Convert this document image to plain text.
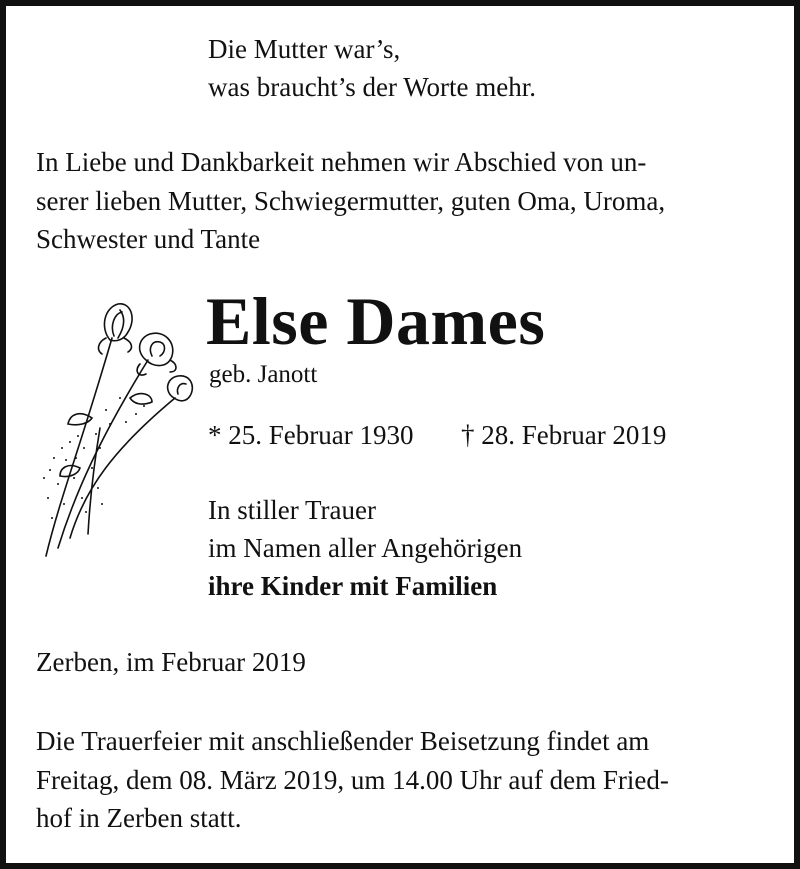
Die Mutter war’s,
was braucht’s der Worte mehr.
In Liebe und Dankbarkeit nehmen wir Abschied von un-
serer lieben Mutter, Schwiegermutter, guten Oma, Uroma,
Schwester und Tante
Else Dames
geb. Janott
* 25. Februar 1930 † 28. Februar 2019
In stiller Trauer
im Namen aller Angehörigen
ihre Kinder mit Familien
Zerben, im Februar 2019
Die Trauerfeier mit anschließender Beisetzung findet am
Freitag, dem 08. März 2019, um 14.00 Uhr auf dem Fried-
hof in Zerben statt.
